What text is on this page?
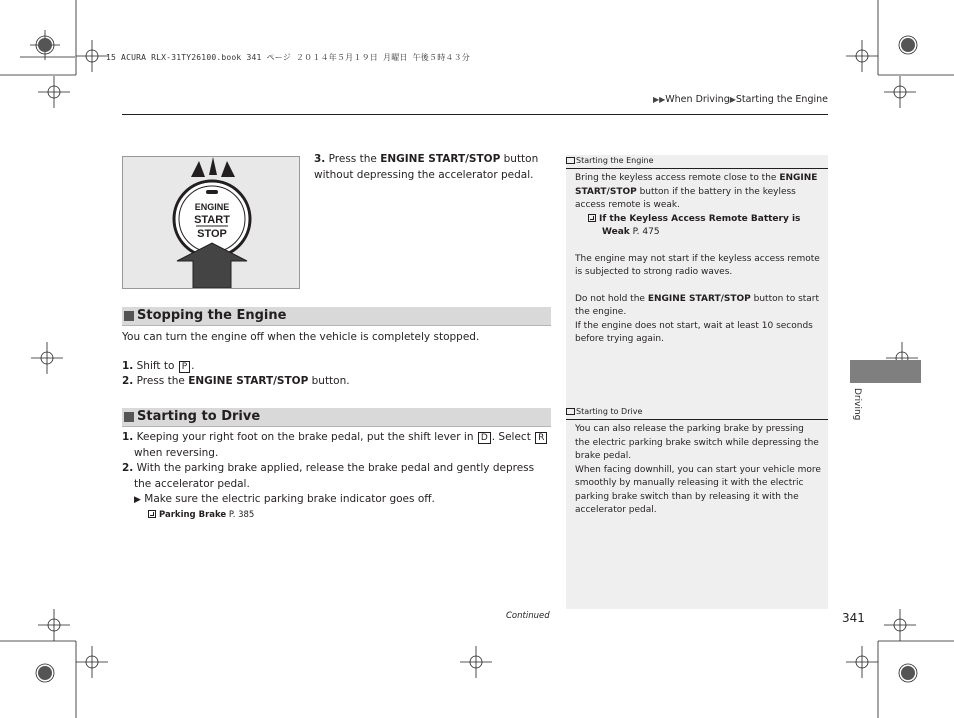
15 ACURA RLX-31TY26100.book 341 ページ ２０１４年５月１９日 月曜日 午後５時４３分
▶▶When Driving▶Starting the Engine
ENGINE
START
STOP
3. Press the ENGINE START/STOP button without depressing the accelerator pedal.
Stopping the Engine
You can turn the engine off when the vehicle is completely stopped.
1. Shift to P .
2. Press the ENGINE START/STOP button.
Starting to Drive
1. Keeping your right foot on the brake pedal, put the shift lever in D . Select R
when reversing.
2. With the parking brake applied, release the brake pedal and gently depress the accelerator pedal.
▶ Make sure the electric parking brake indicator goes off.
Parking Brake P. 385
Starting the Engine
Bring the keyless access remote close to the ENGINE START/STOP button if the battery in the keyless access remote is weak.
If the Keyless Access Remote Battery is Weak P. 475
The engine may not start if the keyless access remote is subjected to strong radio waves.
Do not hold the ENGINE START/STOP button to start the engine.
If the engine does not start, wait at least 10 seconds before trying again.
Starting to Drive
You can also release the parking brake by pressing the electric parking brake switch while depressing the brake pedal.
When facing downhill, you can start your vehicle more smoothly by manually releasing it with the electric parking brake switch than by releasing it with the accelerator pedal.
Driving
Continued	341
